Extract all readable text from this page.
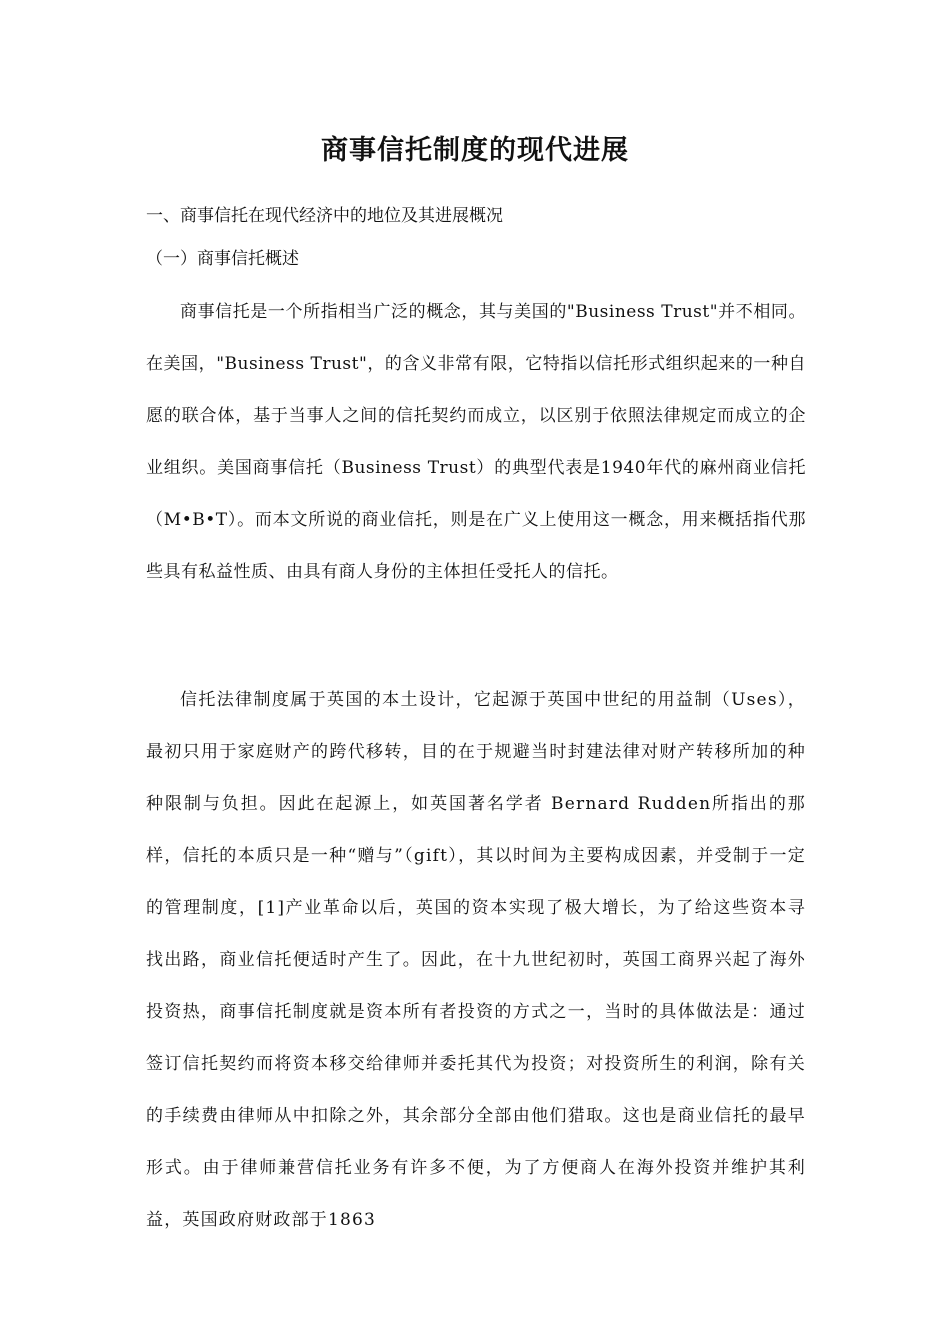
商事信托制度的现代进展

一、商事信托在现代经济中的地位及其进展概况

（一）商事信托概述

商事信托是一个所指相当广泛的概念，其与美国的"Business Trust"并不相同。在美国，"Business Trust"，的含义非常有限，它特指以信托形式组织起来的一种自愿的联合体，基于当事人之间的信托契约而成立，以区别于依照法律规定而成立的企业组织。美国商事信托（Business Trust）的典型代表是1940年代的麻州商业信托（M•B•T）。而本文所说的商业信托，则是在广义上使用这一概念，用来概括指代那些具有私益性质、由具有商人身份的主体担任受托人的信托。

信托法律制度属于英国的本土设计，它起源于英国中世纪的用益制（Uses），最初只用于家庭财产的跨代移转，目的在于规避当时封建法律对财产转移所加的种种限制与负担。因此在起源上，如英国著名学者 Bernard Rudden所指出的那样，信托的本质只是一种“赠与”（gift），其以时间为主要构成因素，并受制于一定的管理制度，[1]产业革命以后，英国的资本实现了极大增长，为了给这些资本寻找出路，商业信托便适时产生了。因此，在十九世纪初时，英国工商界兴起了海外投资热，商事信托制度就是资本所有者投资的方式之一，当时的具体做法是：通过签订信托契约而将资本移交给律师并委托其代为投资；对投资所生的利润，除有关的手续费由律师从中扣除之外，其余部分全部由他们猎取。这也是商业信托的最早形式。由于律师兼营信托业务有许多不便，为了方便商人在海外投资并维护其利益，英国政府财政部于1863
